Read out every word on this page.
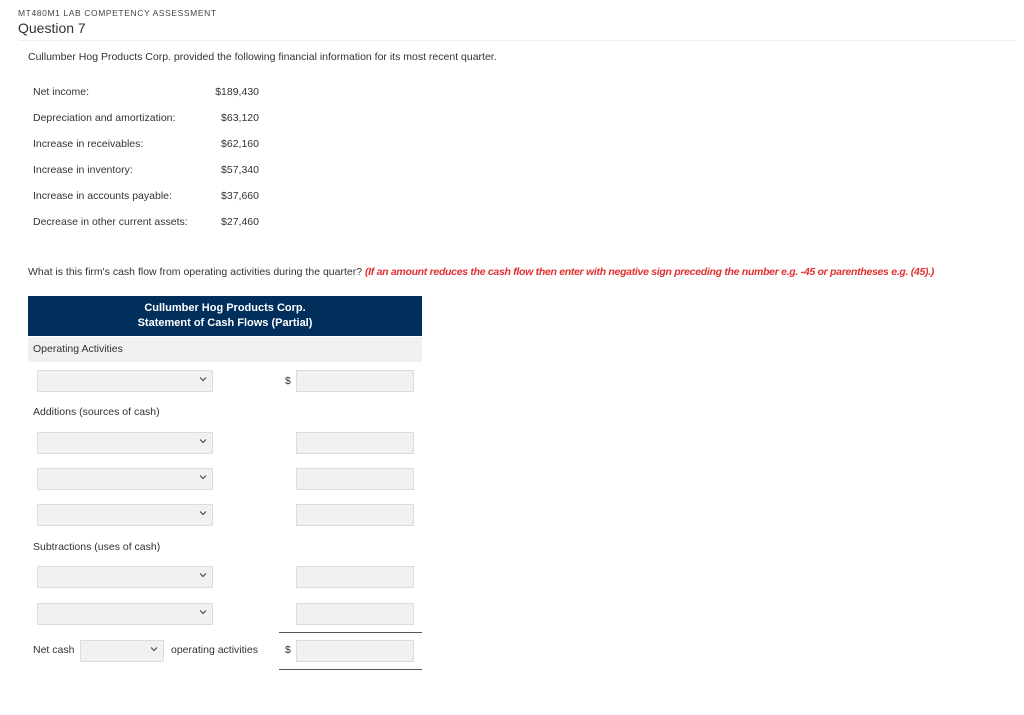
MT480M1 LAB COMPETENCY ASSESSMENT
Question 7
Cullumber Hog Products Corp. provided the following financial information for its most recent quarter.
Net income:	$189,430
Depreciation and amortization:	$63,120
Increase in receivables:	$62,160
Increase in inventory:	$57,340
Increase in accounts payable:	$37,660
Decrease in other current assets:	$27,460
What is this firm's cash flow from operating activities during the quarter? (If an amount reduces the cash flow then enter with negative sign preceding the number e.g. -45 or parentheses e.g. (45).)
Cullumber Hog Products Corp.
Statement of Cash Flows (Partial)
Operating Activities
$
Additions (sources of cash)
Subtractions (uses of cash)
Net cash	operating activities	$
